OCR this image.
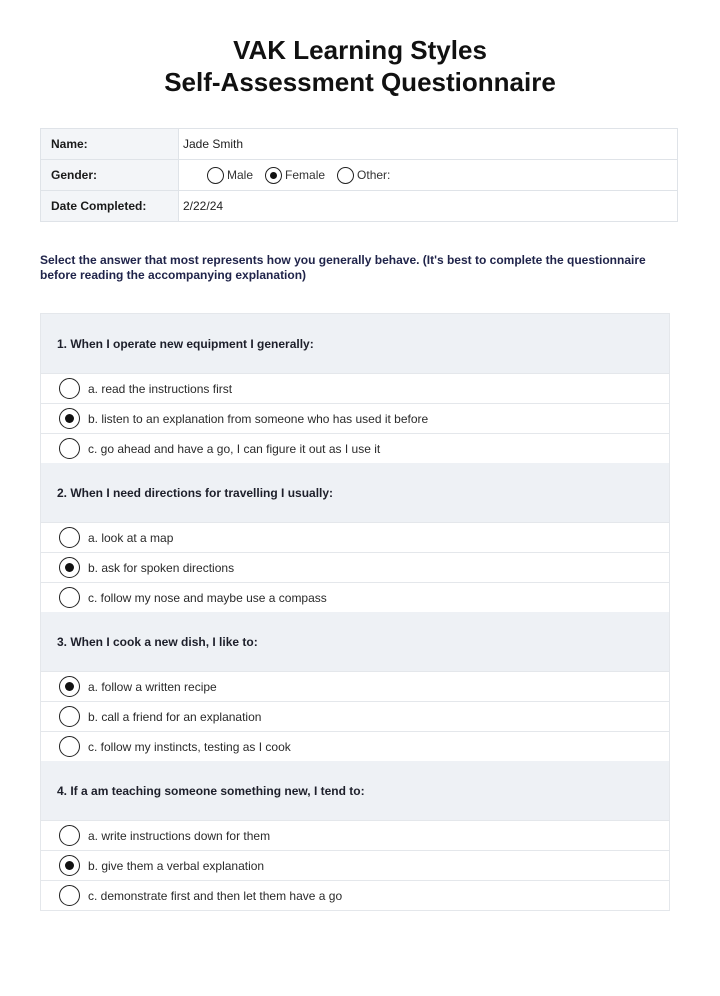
VAK Learning Styles
Self-Assessment Questionnaire
Name:	Jade Smith
Gender:	Male	Female	Other:
Date Completed:	2/22/24
Select the answer that most represents how you generally behave. (It's best to complete the questionnaire before reading the accompanying explanation)
1. When I operate new equipment I generally:
a. read the instructions first
b. listen to an explanation from someone who has used it before
c. go ahead and have a go, I can figure it out as I use it
2. When I need directions for travelling I usually:
a. look at a map
b. ask for spoken directions
c. follow my nose and maybe use a compass
3. When I cook a new dish, I like to:
a. follow a written recipe
b. call a friend for an explanation
c. follow my instincts, testing as I cook
4. If a am teaching someone something new, I tend to:
a. write instructions down for them
b. give them a verbal explanation
c. demonstrate first and then let them have a go
